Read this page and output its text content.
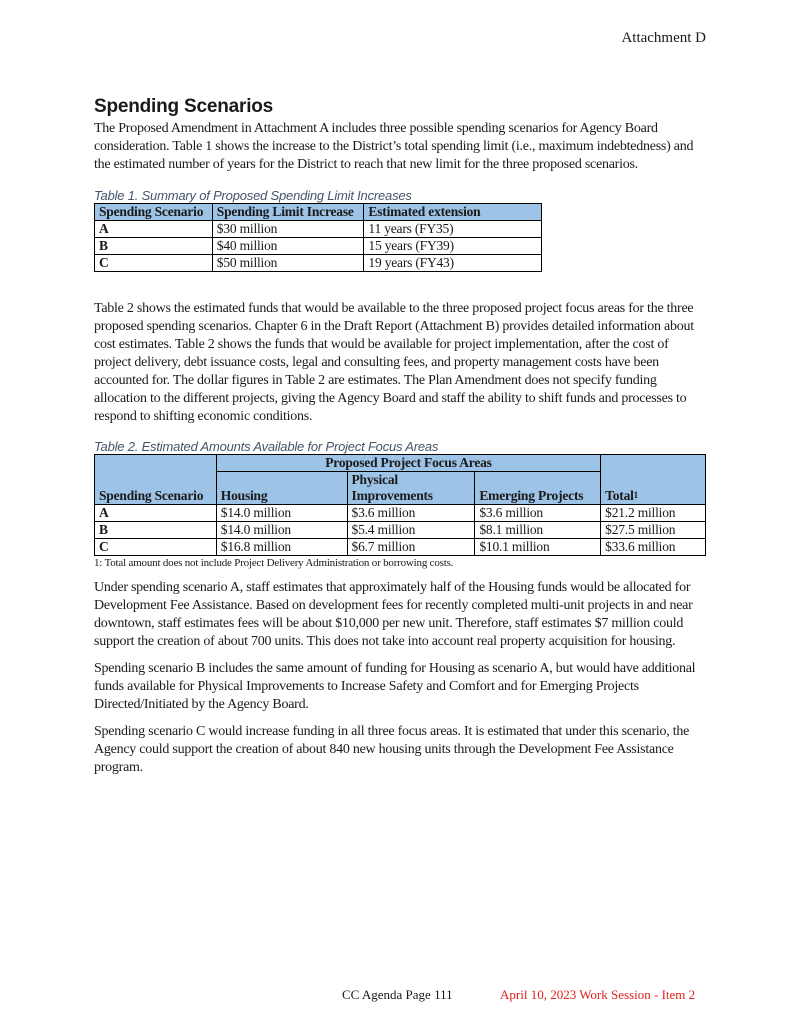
Attachment D
Spending Scenarios

The Proposed Amendment in Attachment A includes three possible spending scenarios for Agency Board consideration. Table 1 shows the increase to the District’s total spending limit (i.e., maximum indebtedness) and the estimated number of years for the District to reach that new limit for the three proposed scenarios.

Table 1. Summary of Proposed Spending Limit Increases
Spending Scenario	Spending Limit Increase	Estimated extension
A	$30 million	11 years (FY35)
B	$40 million	15 years (FY39)
C	$50 million	19 years (FY43)

Table 2 shows the estimated funds that would be available to the three proposed project focus areas for the three proposed spending scenarios. Chapter 6 in the Draft Report (Attachment B) provides detailed information about cost estimates. Table 2 shows the funds that would be available for project implementation, after the cost of project delivery, debt issuance costs, legal and consulting fees, and property management costs have been accounted for. The dollar figures in Table 2 are estimates. The Plan Amendment does not specify funding allocation to the different projects, giving the Agency Board and staff the ability to shift funds and processes to respond to shifting economic conditions.

Table 2. Estimated Amounts Available for Project Focus Areas
Spending Scenario	Proposed Project Focus Areas			Total$^1$
	Housing	Physical Improvements	Emerging Projects	
A	$14.0 million	$3.6 million	$3.6 million	$21.2 million
B	$14.0 million	$5.4 million	$8.1 million	$27.5 million
C	$16.8 million	$6.7 million	$10.1 million	$33.6 million
1: Total amount does not include Project Delivery Administration or borrowing costs.

Under spending scenario A, staff estimates that approximately half of the Housing funds would be allocated for Development Fee Assistance. Based on development fees for recently completed multi-unit projects in and near downtown, staff estimates fees will be about $10,000 per new unit. Therefore, staff estimates $7 million could support the creation of about 700 units. This does not take into account real property acquisition for housing.

Spending scenario B includes the same amount of funding for Housing as scenario A, but would have additional funds available for Physical Improvements to Increase Safety and Comfort and for Emerging Projects Directed/Initiated by the Agency Board.

Spending scenario C would increase funding in all three focus areas. It is estimated that under this scenario, the Agency could support the creation of about 840 new housing units through the Development Fee Assistance program.

CC Agenda Page 111	April 10, 2023 Work Session - Item 2
